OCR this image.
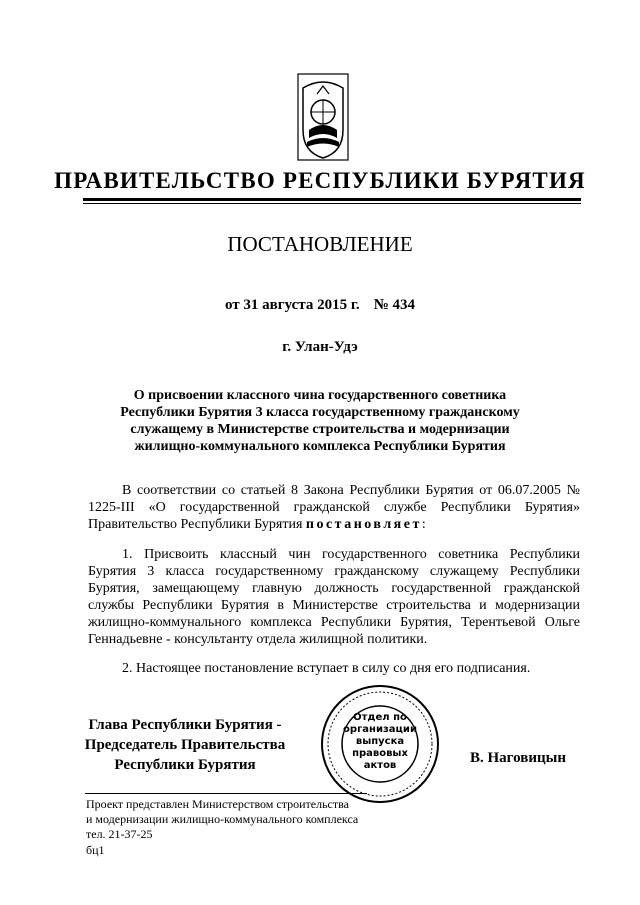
ПРАВИТЕЛЬСТВО РЕСПУБЛИКИ БУРЯТИЯ
ПОСТАНОВЛЕНИЕ
от 31 августа 2015 г. № 434
г. Улан-Удэ
О присвоении классного чина государственного советника
Республики Бурятия 3 класса государственному гражданскому
служащему в Министерстве строительства и модернизации
жилищно-коммунального комплекса Республики Бурятия
В соответствии со статьей 8 Закона Республики Бурятия от 06.07.2005 № 1225-III «О государственной гражданской службе Республики Бурятия» Правительство Республики Бурятия постановляет:
1. Присвоить классный чин государственного советника Республики Бурятия 3 класса государственному гражданскому служащему Республики Бурятия, замещающему главную должность государственной гражданской службы Республики Бурятия в Министерстве строительства и модернизации жилищно-коммунального комплекса Республики Бурятия, Терентьевой Ольге Геннадьевне - консультанту отдела жилищной политики.
2. Настоящее постановление вступает в силу со дня его подписания.
Отдел по
организации
выпуска
правовых
актов
Глава Республики Бурятия -
Председатель Правительства
Республики Бурятия	В. Наговицын
Проект представлен Министерством строительства
и модернизации жилищно-коммунального комплекса
тел. 21-37-25
бц1
